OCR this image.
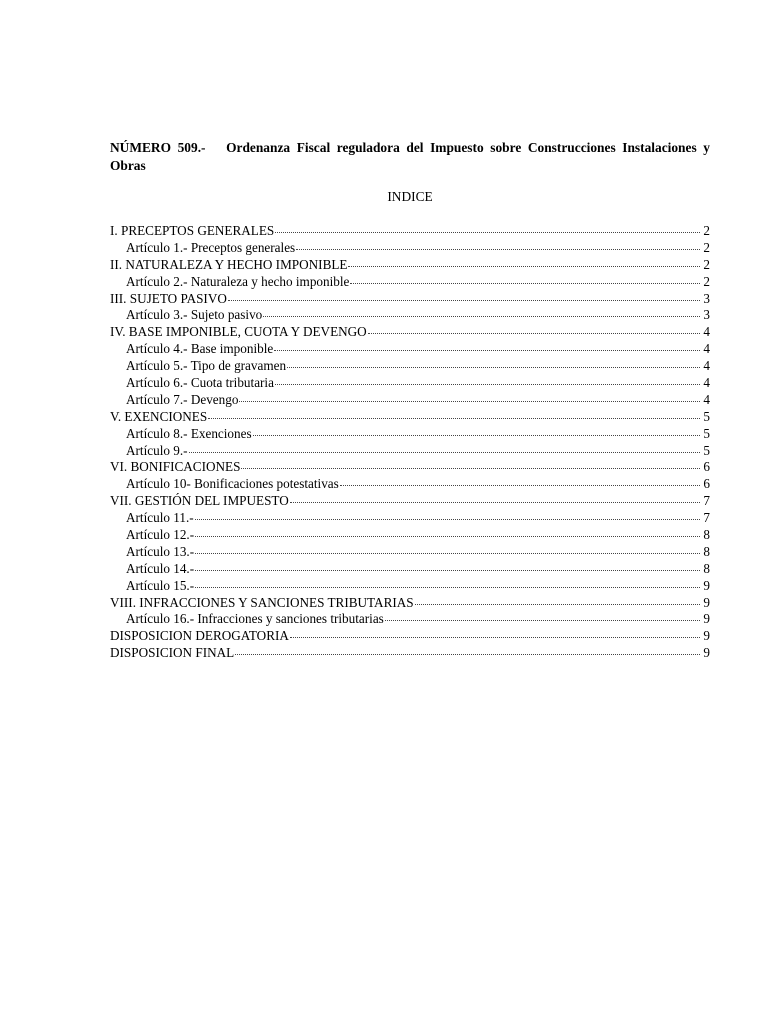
NÚMERO 509.- Ordenanza Fiscal reguladora del Impuesto sobre Construcciones Instalaciones y Obras
INDICE
I. PRECEPTOS GENERALES	2
Artículo 1.- Preceptos generales	2
II. NATURALEZA Y HECHO IMPONIBLE	2
Artículo 2.- Naturaleza y hecho imponible	2
III. SUJETO PASIVO	3
Artículo 3.- Sujeto pasivo	3
IV. BASE IMPONIBLE, CUOTA Y DEVENGO	4
Artículo 4.- Base imponible	4
Artículo 5.- Tipo de gravamen	4
Artículo 6.- Cuota tributaria	4
Artículo 7.- Devengo	4
V. EXENCIONES	5
Artículo 8.- Exenciones	5
Artículo 9.-	5
VI. BONIFICACIONES	6
Artículo 10- Bonificaciones potestativas	6
VII. GESTIÓN DEL IMPUESTO	7
Artículo 11.-	7
Artículo 12.-	8
Artículo 13.-	8
Artículo 14.-	8
Artículo 15.-	9
VIII. INFRACCIONES Y SANCIONES TRIBUTARIAS	9
Artículo 16.- Infracciones y sanciones tributarias	9
DISPOSICION DEROGATORIA	9
DISPOSICION FINAL	9
